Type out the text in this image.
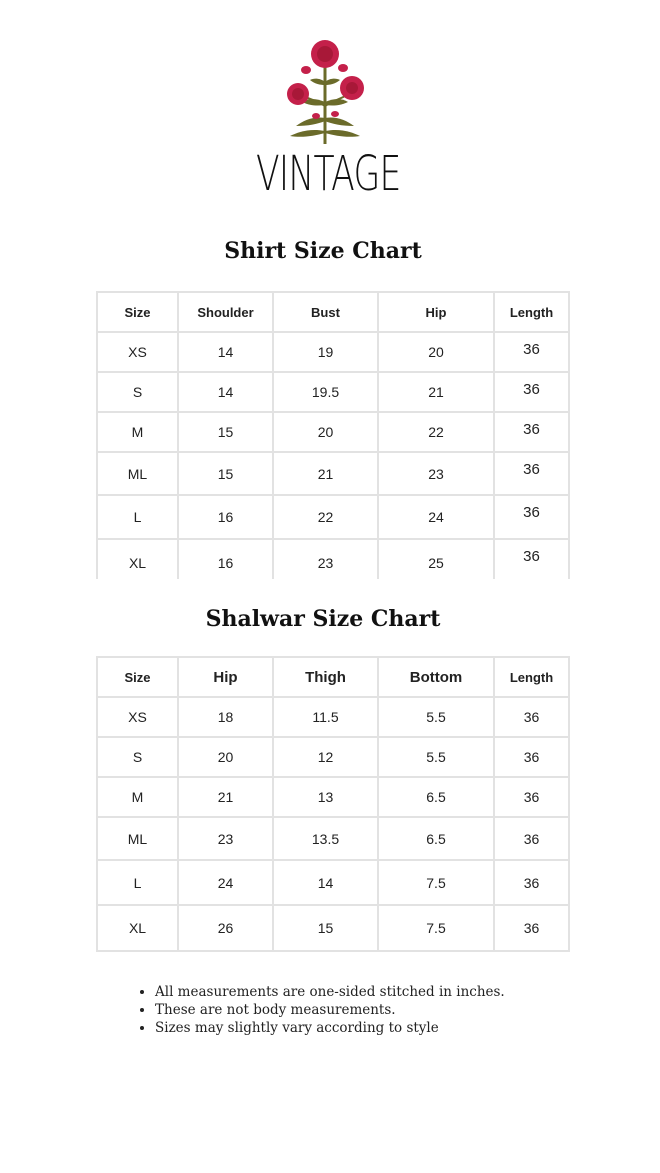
VINTAGE
Shirt Size Chart
Size	Shoulder	Bust	Hip	Length
XS	14	19	20	36
S	14	19.5	21	36
M	15	20	22	36
ML	15	21	23	36
L	16	22	24	36
XL	16	23	25	36
Shalwar Size Chart
Size	Hip	Thigh	Bottom	Length
XS	18	11.5	5.5	36
S	20	12	5.5	36
M	21	13	6.5	36
ML	23	13.5	6.5	36
L	24	14	7.5	36
XL	26	15	7.5	36
• All measurements are one-sided stitched in inches.
• These are not body measurements.
• Sizes may slightly vary according to style
